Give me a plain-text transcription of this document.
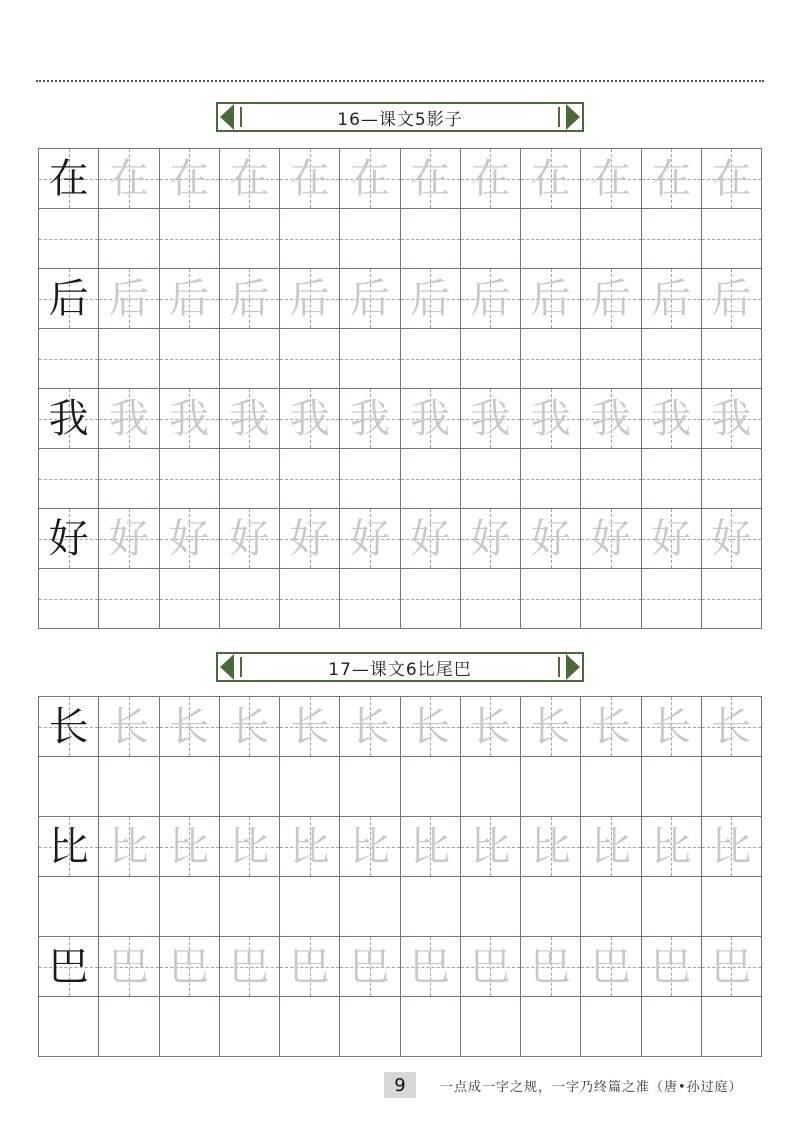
16—课文5影子
在 在 在 在 在 在 在 在 在 在 在 在
后 后 后 后 后 后 后 后 后 后 后 后
我 我 我 我 我 我 我 我 我 我 我 我
好 好 好 好 好 好 好 好 好 好 好 好
17—课文6比尾巴
长 长 长 长 长 长 长 长 长 长 长 长
比 比 比 比 比 比 比 比 比 比 比 比
巴 巴 巴 巴 巴 巴 巴 巴 巴 巴 巴 巴
9	一点成一字之规，一字乃终篇之准（唐•孙过庭）
